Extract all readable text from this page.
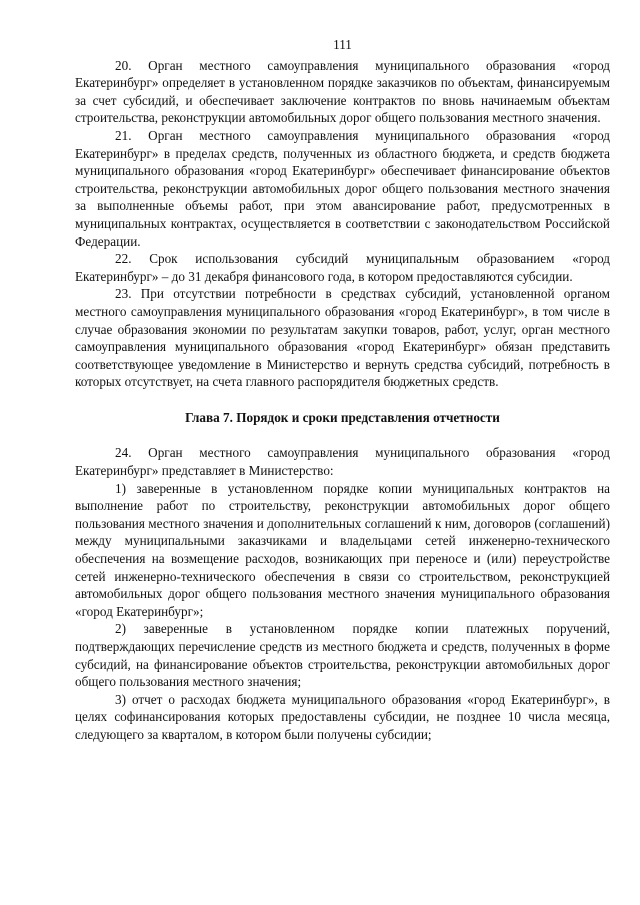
111

20. Орган местного самоуправления муниципального образования «город Екатеринбург» определяет в установленном порядке заказчиков по объектам, финансируемым за счет субсидий, и обеспечивает заключение контрактов по вновь начинаемым объектам строительства, реконструкции автомобильных дорог общего пользования местного значения.

21. Орган местного самоуправления муниципального образования «город Екатеринбург» в пределах средств, полученных из областного бюджета, и средств бюджета муниципального образования «город Екатеринбург» обеспечивает финансирование объектов строительства, реконструкции автомобильных дорог общего пользования местного значения за выполненные объемы работ, при этом авансирование работ, предусмотренных в муниципальных контрактах, осуществляется в соответствии с законодательством Российской Федерации.

22. Срок использования субсидий муниципальным образованием «город Екатеринбург» – до 31 декабря финансового года, в котором предоставляются субсидии.

23. При отсутствии потребности в средствах субсидий, установленной органом местного самоуправления муниципального образования «город Екатеринбург», в том числе в случае образования экономии по результатам закупки товаров, работ, услуг, орган местного самоуправления муниципального образования «город Екатеринбург» обязан представить соответствующее уведомление в Министерство и вернуть средства субсидий, потребность в которых отсутствует, на счета главного распорядителя бюджетных средств.

Глава 7. Порядок и сроки представления отчетности

24. Орган местного самоуправления муниципального образования «город Екатеринбург» представляет в Министерство:

1) заверенные в установленном порядке копии муниципальных контрактов на выполнение работ по строительству, реконструкции автомобильных дорог общего пользования местного значения и дополнительных соглашений к ним, договоров (соглашений) между муниципальными заказчиками и владельцами сетей инженерно-технического обеспечения на возмещение расходов, возникающих при переносе и (или) переустройстве сетей инженерно-технического обеспечения в связи со строительством, реконструкцией автомобильных дорог общего пользования местного значения муниципального образования «город Екатеринбург»;

2) заверенные в установленном порядке копии платежных поручений, подтверждающих перечисление средств из местного бюджета и средств, полученных в форме субсидий, на финансирование объектов строительства, реконструкции автомобильных дорог общего пользования местного значения;

3) отчет о расходах бюджета муниципального образования «город Екатеринбург», в целях софинансирования которых предоставлены субсидии, не позднее 10 числа месяца, следующего за кварталом, в котором были получены субсидии;
